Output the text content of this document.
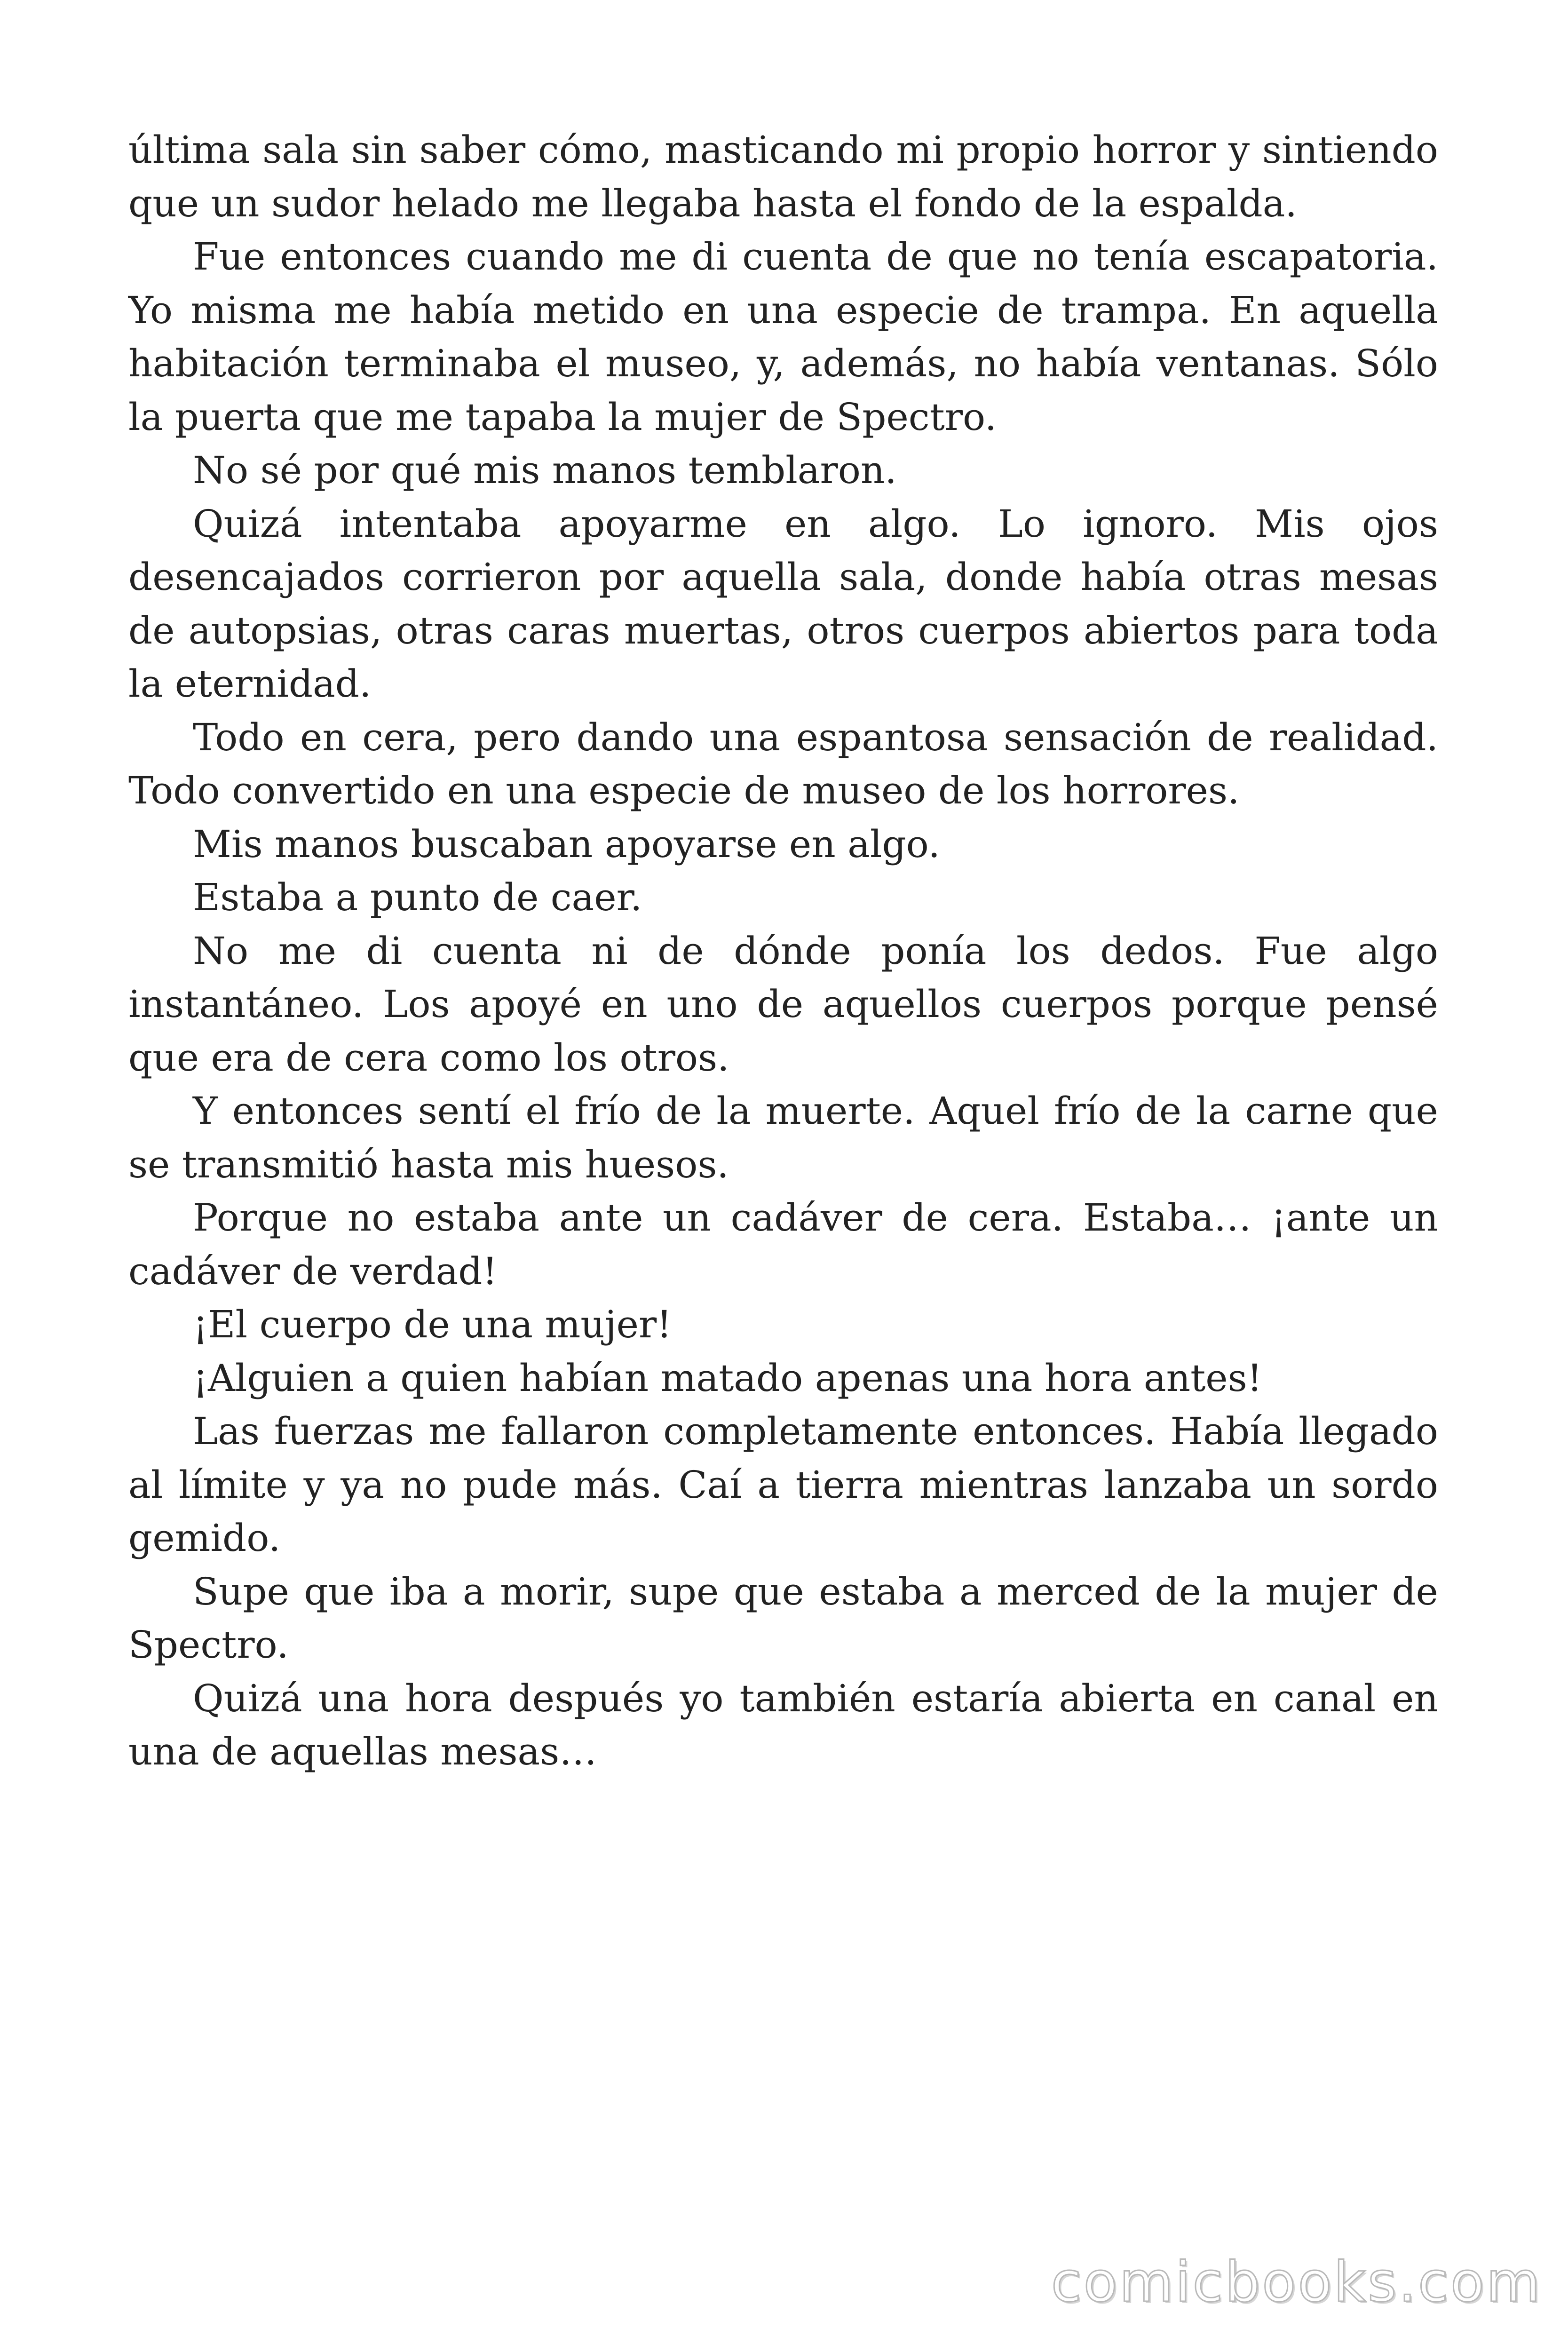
última sala sin saber cómo, masticando mi propio horror y sintiendo que un sudor helado me llegaba hasta el fondo de la espalda.

Fue entonces cuando me di cuenta de que no tenía escapatoria. Yo misma me había metido en una especie de trampa. En aquella habitación terminaba el museo, y, además, no había ventanas. Sólo la puerta que me tapaba la mujer de Spectro.

No sé por qué mis manos temblaron.

Quizá intentaba apoyarme en algo. Lo ignoro. Mis ojos desencajados corrieron por aquella sala, donde había otras mesas de autopsias, otras caras muertas, otros cuerpos abiertos para toda la eternidad.

Todo en cera, pero dando una espantosa sensación de realidad. Todo convertido en una especie de museo de los horrores.

Mis manos buscaban apoyarse en algo.

Estaba a punto de caer.

No me di cuenta ni de dónde ponía los dedos. Fue algo instantáneo. Los apoyé en uno de aquellos cuerpos porque pensé que era de cera como los otros.

Y entonces sentí el frío de la muerte. Aquel frío de la carne que se transmitió hasta mis huesos.

Porque no estaba ante un cadáver de cera. Estaba… ¡ante un cadáver de verdad!

¡El cuerpo de una mujer!

¡Alguien a quien habían matado apenas una hora antes!

Las fuerzas me fallaron completamente entonces. Había llegado al límite y ya no pude más. Caí a tierra mientras lanzaba un sordo gemido.

Supe que iba a morir, supe que estaba a merced de la mujer de Spectro.

Quizá una hora después yo también estaría abierta en canal en una de aquellas mesas…

comicbooks.com
